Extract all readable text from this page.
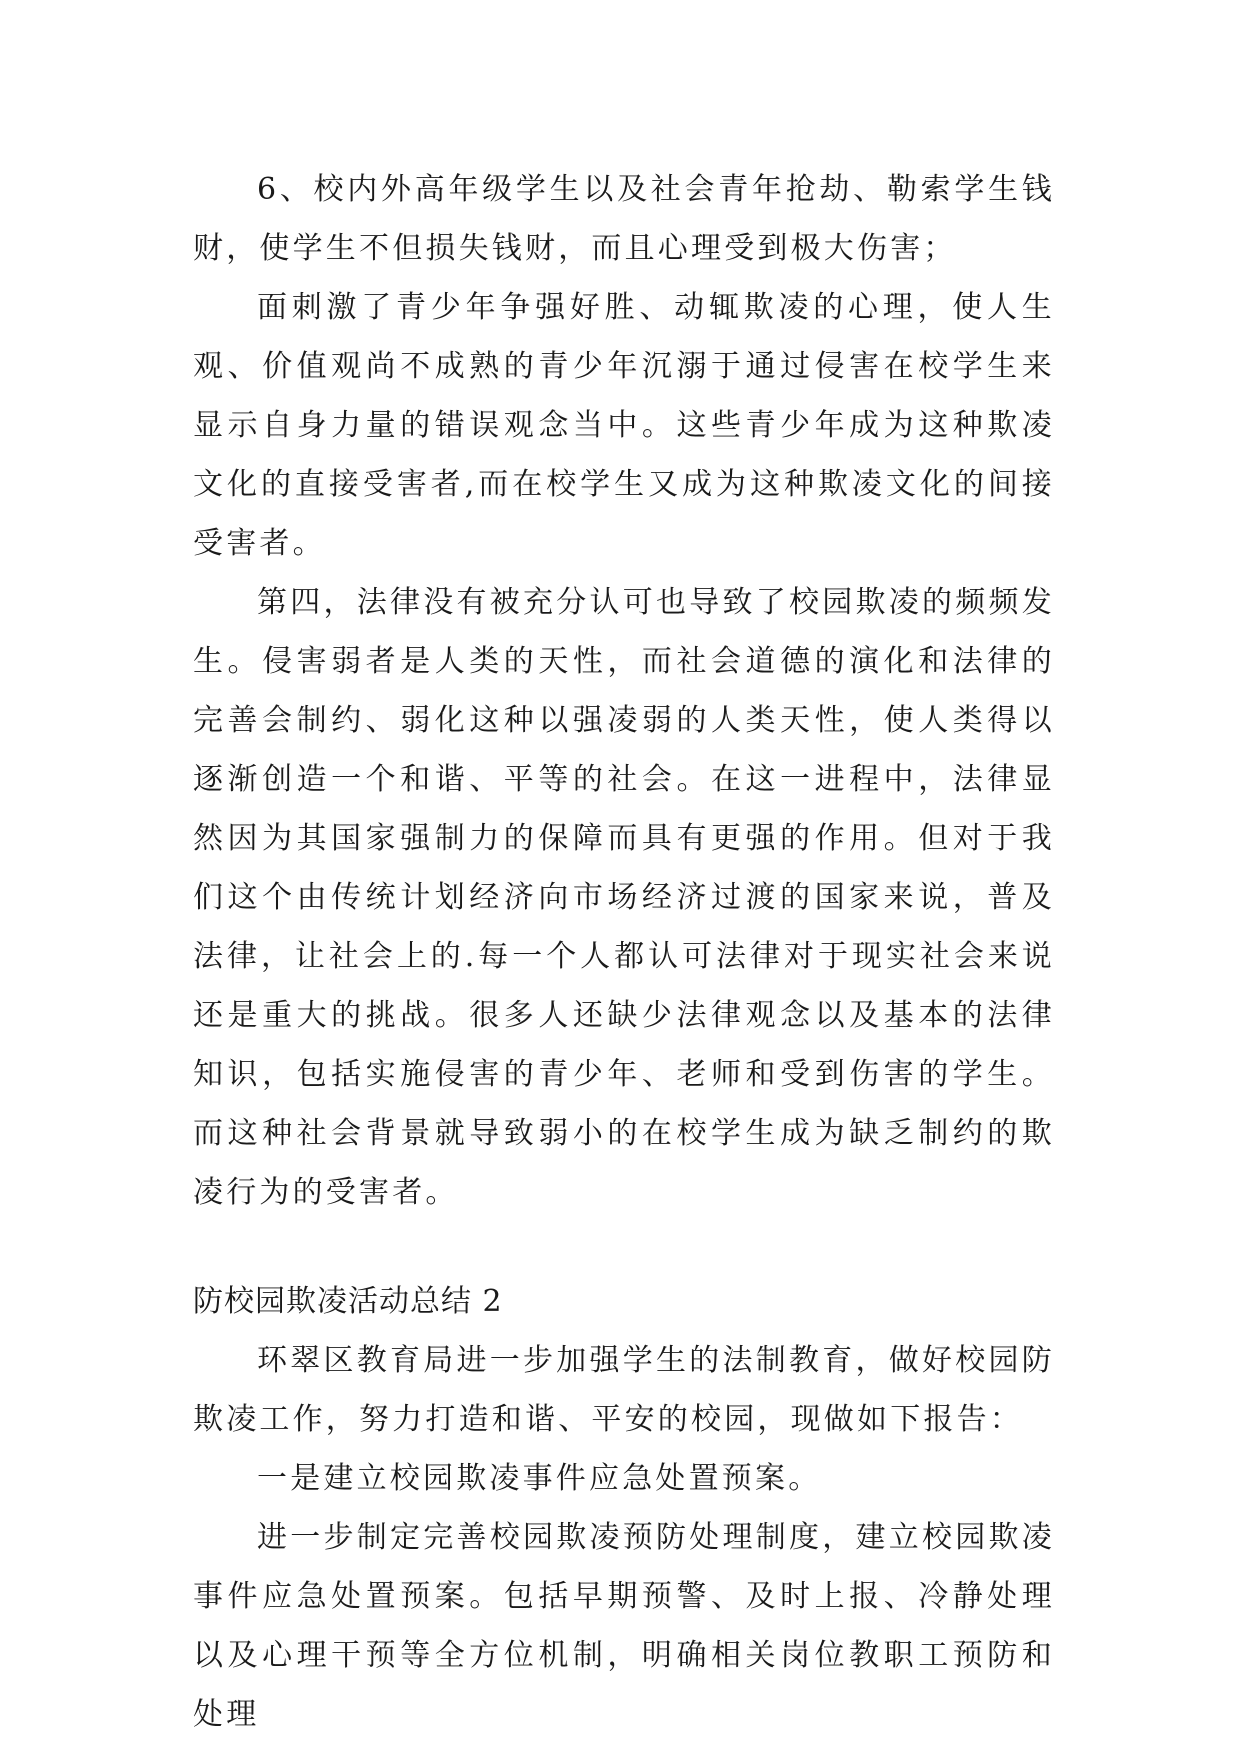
6、校内外高年级学生以及社会青年抢劫、勒索学生钱财，使学生不但损失钱财，而且心理受到极大伤害；

面刺激了青少年争强好胜、动辄欺凌的心理，使人生观、价值观尚不成熟的青少年沉溺于通过侵害在校学生来显示自身力量的错误观念当中。这些青少年成为这种欺凌文化的直接受害者,而在校学生又成为这种欺凌文化的间接受害者。

第四，法律没有被充分认可也导致了校园欺凌的频频发生。侵害弱者是人类的天性，而社会道德的演化和法律的完善会制约、弱化这种以强凌弱的人类天性，使人类得以逐渐创造一个和谐、平等的社会。在这一进程中，法律显然因为其国家强制力的保障而具有更强的作用。但对于我们这个由传统计划经济向市场经济过渡的国家来说，普及法律，让社会上的.每一个人都认可法律对于现实社会来说还是重大的挑战。很多人还缺少法律观念以及基本的法律知识，包括实施侵害的青少年、老师和受到伤害的学生。而这种社会背景就导致弱小的在校学生成为缺乏制约的欺凌行为的受害者。

防校园欺凌活动总结 2

环翠区教育局进一步加强学生的法制教育，做好校园防欺凌工作，努力打造和谐、平安的校园，现做如下报告：

一是建立校园欺凌事件应急处置预案。

进一步制定完善校园欺凌预防处理制度，建立校园欺凌事件应急处置预案。包括早期预警、及时上报、冷静处理以及心理干预等全方位机制，明确相关岗位教职工预防和处理
